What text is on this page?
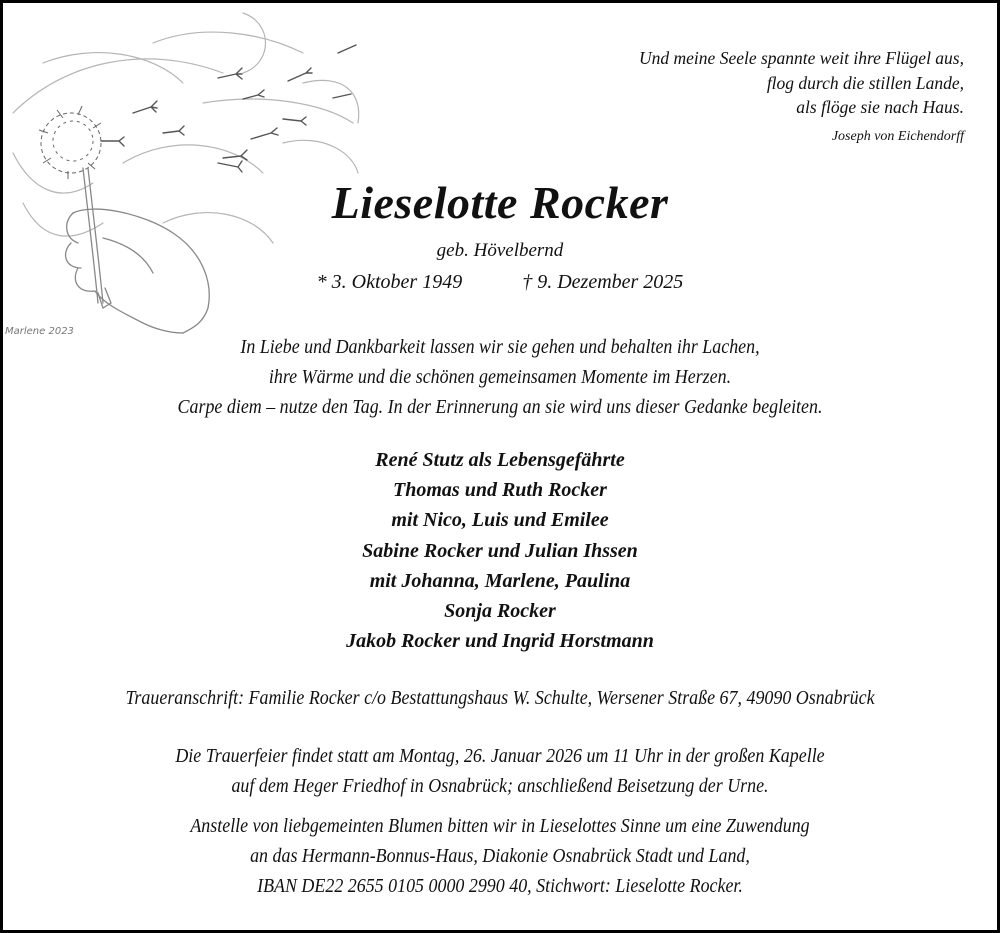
Marlene 2023
Und meine Seele spannte weit ihre Flügel aus,
flog durch die stillen Lande,
als flöge sie nach Haus.
Joseph von Eichendorff
Lieselotte Rocker
geb. Hövelbernd
* 3. Oktober 1949	† 9. Dezember 2025
In Liebe und Dankbarkeit lassen wir sie gehen und behalten ihr Lachen,
ihre Wärme und die schönen gemeinsamen Momente im Herzen.
Carpe diem – nutze den Tag. In der Erinnerung an sie wird uns dieser Gedanke begleiten.
René Stutz als Lebensgefährte
Thomas und Ruth Rocker
mit Nico, Luis und Emilee
Sabine Rocker und Julian Ihssen
mit Johanna, Marlene, Paulina
Sonja Rocker
Jakob Rocker und Ingrid Horstmann
Traueranschrift: Familie Rocker c/o Bestattungshaus W. Schulte, Wersener Straße 67, 49090 Osnabrück
Die Trauerfeier findet statt am Montag, 26. Januar 2026 um 11 Uhr in der großen Kapelle
auf dem Heger Friedhof in Osnabrück; anschließend Beisetzung der Urne.
Anstelle von liebgemeinten Blumen bitten wir in Lieselottes Sinne um eine Zuwendung
an das Hermann-Bonnus-Haus, Diakonie Osnabrück Stadt und Land,
IBAN DE22 2655 0105 0000 2990 40, Stichwort: Lieselotte Rocker.
